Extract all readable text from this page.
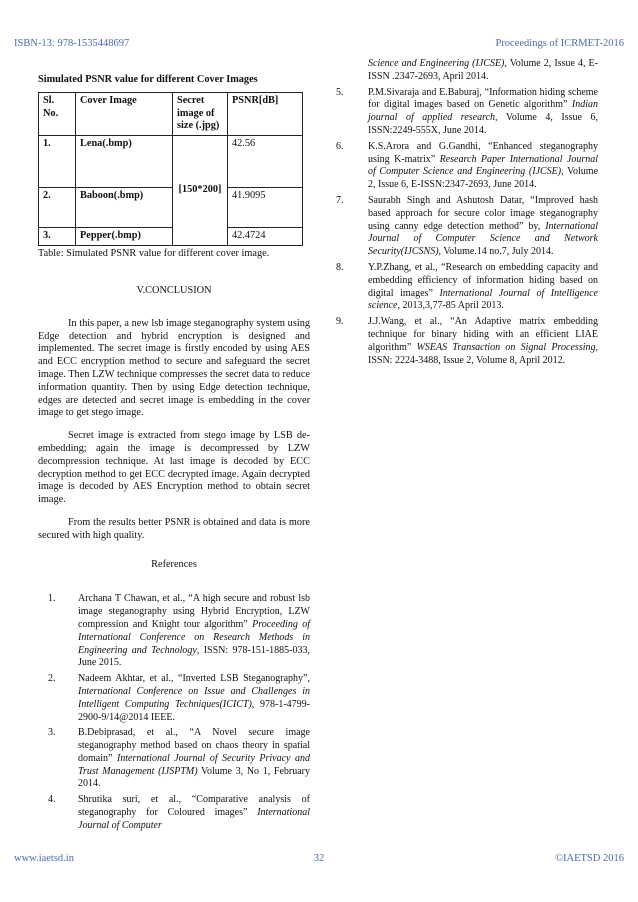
ISBN-13: 978-1535448697	Proceedings of ICRMET-2016
Simulated PSNR value for different Cover Images
Sl. No.	Cover Image	Secret image of size (.jpg)	PSNR[dB]
1.	Lena(.bmp)	[150*200]	42.56
2.	Baboon(.bmp)		41.9095
3.	Pepper(.bmp)		42.4724
Table: Simulated PSNR value for different cover image.
V.CONCLUSION

In this paper, a new lsb image steganography system using Edge detection and hybrid encryption is designed and implemented. The secret image is firstly encoded by using AES and ECC encryption method to secure and safeguard the secret image. Then LZW technique compresses the secret data to reduce information quantity. Then by using Edge detection technique, edges are detected and secret image is embedding in the cover image to get stego image.

Secret image is extracted from stego image by LSB de-embedding; again the image is decompressed by LZW decompression technique. At last image is decoded by ECC decryption method to get ECC decrypted image. Again decrypted image is decoded by AES Encryption method to obtain secret image.

From the results better PSNR is obtained and data is more secured with high quality.

References
1. Archana T Chawan, et al., “A high secure and robust lsb image steganography using Hybrid Encryption, LZW compression and Knight tour algorithm” Proceeding of International Conference on Research Methods in Engineering and Technology, ISSN: 978-151-1885-033, June 2015.
2. Nadeem Akhtar, et al., “Inverted LSB Steganography”, International Conference on Issue and Challenges in Intelligent Computing Techniques(ICICT), 978-1-4799-2900-9/14@2014 IEEE.
3. B.Debiprasad, et al., “A Novel secure image steganography method based on chaos theory in spatial domain” International Journal of Security Privacy and Trust Management (IJSPTM) Volume 3, No 1, February 2014.
4. Shrutika suri, et al., “Comparative analysis of steganography for Coloured images” International Journal of Computer
Science and Engineering (IJCSE), Volume 2, Issue 4, E-ISSN .2347-2693, April 2014.
5. P.M.Sivaraja and E.Baburaj, “Information hiding scheme for digital images based on Genetic algorithm” Indian journal of applied research, Volume 4, Issue 6, ISSN:2249-555X, June 2014.
6. K.S.Arora and G.Gandhi, “Enhanced steganography using K-matrix” Research Paper International Journal of Computer Science and Engineering (IJCSE), Volume 2, Issue 6, E-ISSN:2347-2693, June 2014.
7. Saurabh Singh and Ashutosh Datar, “Improved hash based approach for secure color image steganography using canny edge detection method” by, International Journal of Computer Science and Network Security(IJCSNS), Volume.14 no.7, July 2014.
8. Y.P.Zhang, et al., “Research on embedding capacity and embedding efficiency of information hiding based on digital images” International Journal of Intelligence science, 2013,3,77-85 April 2013.
9. J.J.Wang, et al., “An Adaptive matrix embedding technique for binary hiding with an efficient LIAE algorithm” WSEAS Transaction on Signal Processing, ISSN: 2224-3488, Issue 2, Volume 8, April 2012.
www.iaetsd.in	32	©IAETSD 2016
